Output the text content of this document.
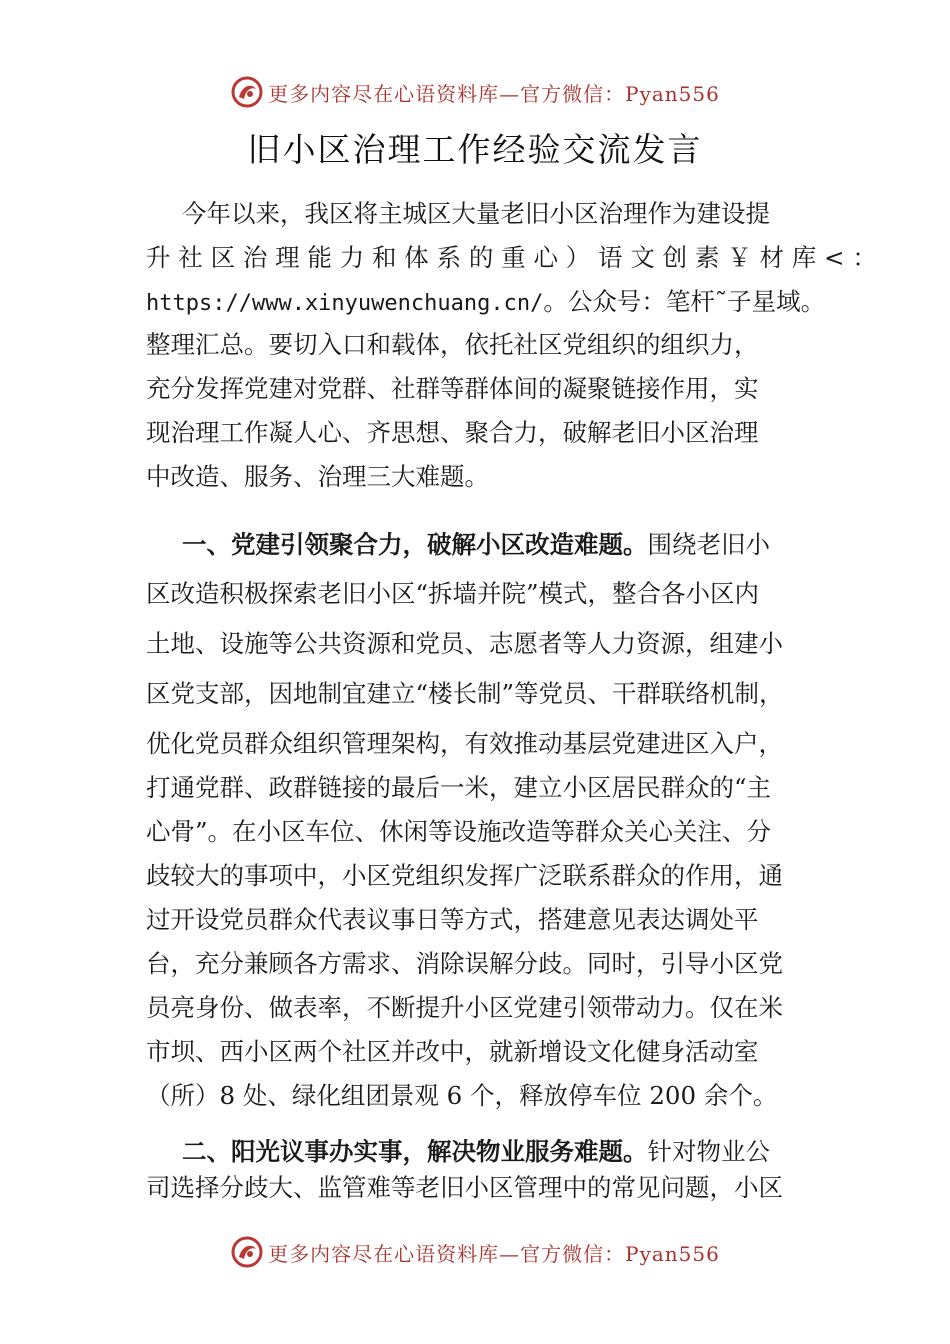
更多内容尽在心语资料库—官方微信：Pyan556
旧小区治理工作经验交流发言
今年以来，我区将主城区大量老旧小区治理作为建设提
升 社 区 治 理 能 力 和 体 系 的 重 心 ） 语 文 创 素 ￥ 材 库 < ：
https://www.xinyuwenchuang.cn/。公众号：笔杆˜子星域。
整理汇总。要切入口和载体，依托社区党组织的组织力，
充分发挥党建对党群、社群等群体间的凝聚链接作用，实
现治理工作凝人心、齐思想、聚合力，破解老旧小区治理
中改造、服务、治理三大难题。
一、党建引领聚合力，破解小区改造难题。围绕老旧小
区改造积极探索老旧小区“拆墙并院”模式，整合各小区内
土地、设施等公共资源和党员、志愿者等人力资源，组建小
区党支部，因地制宜建立“楼长制”等党员、干群联络机制，
优化党员群众组织管理架构，有效推动基层党建进区入户，
打通党群、政群链接的最后一米，建立小区居民群众的“主
心骨”。在小区车位、休闲等设施改造等群众关心关注、分
歧较大的事项中，小区党组织发挥广泛联系群众的作用，通
过开设党员群众代表议事日等方式，搭建意见表达调处平
台，充分兼顾各方需求、消除误解分歧。同时，引导小区党
员亮身份、做表率，不断提升小区党建引领带动力。仅在米
市坝、西小区两个社区并改中，就新增设文化健身活动室
（所）8 处、绿化组团景观 6 个，释放停车位 200 余个。
二、阳光议事办实事，解决物业服务难题。针对物业公
司选择分歧大、监管难等老旧小区管理中的常见问题，小区
更多内容尽在心语资料库—官方微信：Pyan556
